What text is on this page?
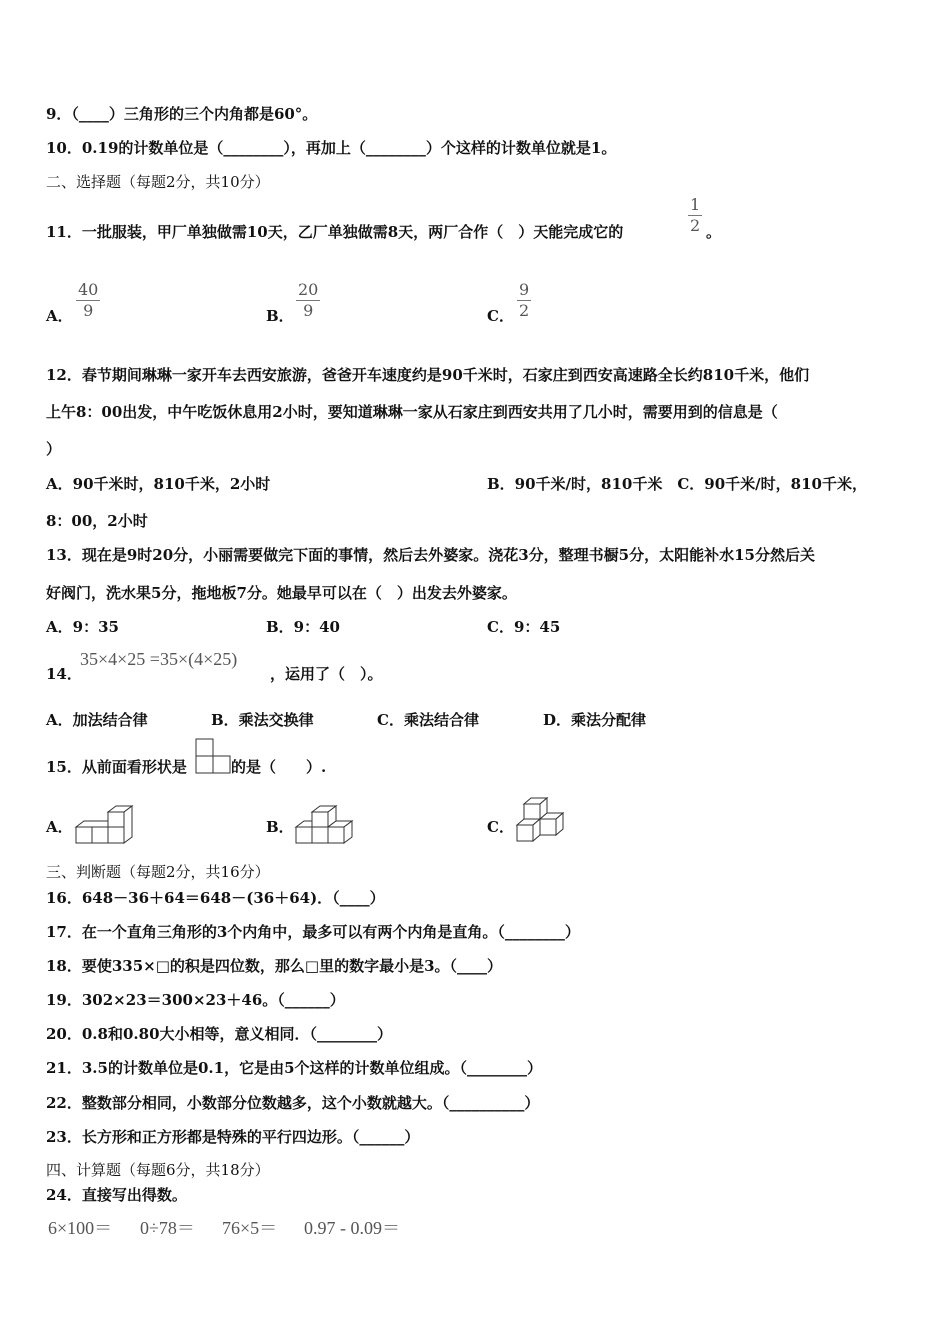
9．（____）三角形的三个内角都是60°。
10．0.19的计数单位是（________），再加上（________）个这样的计数单位就是1。
二、选择题（每题2分，共10分）
11．一批服装，甲厂单独做需10天，乙厂单独做需8天，两厂合作（　）天能完成它的
1
2 。
A．
40
9	B．
20
9	C．
9
2
12．春节期间琳琳一家开车去西安旅游，爸爸开车速度约是90千米时，石家庄到西安高速路全长约810千米，他们
上午8：00出发，中午吃饭休息用2小时，要知道琳琳一家从石家庄到西安共用了几小时，需要用到的信息是（
）
A．90千米时，810千米，2小时	B．90千米/时，810千米　C．90千米/时，810千米，
8：00，2小时
13．现在是9时20分，小丽需要做完下面的事情，然后去外婆家。浇花3分，整理书橱5分，太阳能补水15分然后关
好阀门，洗水果5分，拖地板7分。她最早可以在（　）出发去外婆家。
A．9：35	B．9：40	C．9：45
14．
35×4×25 =35×(4×25)
，运用了（　）。
A．加法结合律	B．乘法交换律	C．乘法结合律	D．乘法分配律
15．从前面看形状是	的是（　　）.
A．	B．	C．
三、判断题（每题2分，共16分）
16．648－36＋64＝648－(36＋64)．（____）
17．在一个直角三角形的3个内角中，最多可以有两个内角是直角。（________）
18．要使335×□的积是四位数，那么□里的数字最小是3。（____）
19．302×23＝300×23＋46。（______）
20．0.8和0.80大小相等，意义相同．（________）
21．3.5的计数单位是0.1，它是由5个这样的计数单位组成。（________）
22．整数部分相同，小数部分位数越多，这个小数就越大。（__________）
23．长方形和正方形都是特殊的平行四边形。（______）
四、计算题（每题6分，共18分）
24．直接写出得数。
6×100＝ 0÷78＝ 76×5＝ 0.97 - 0.09＝
